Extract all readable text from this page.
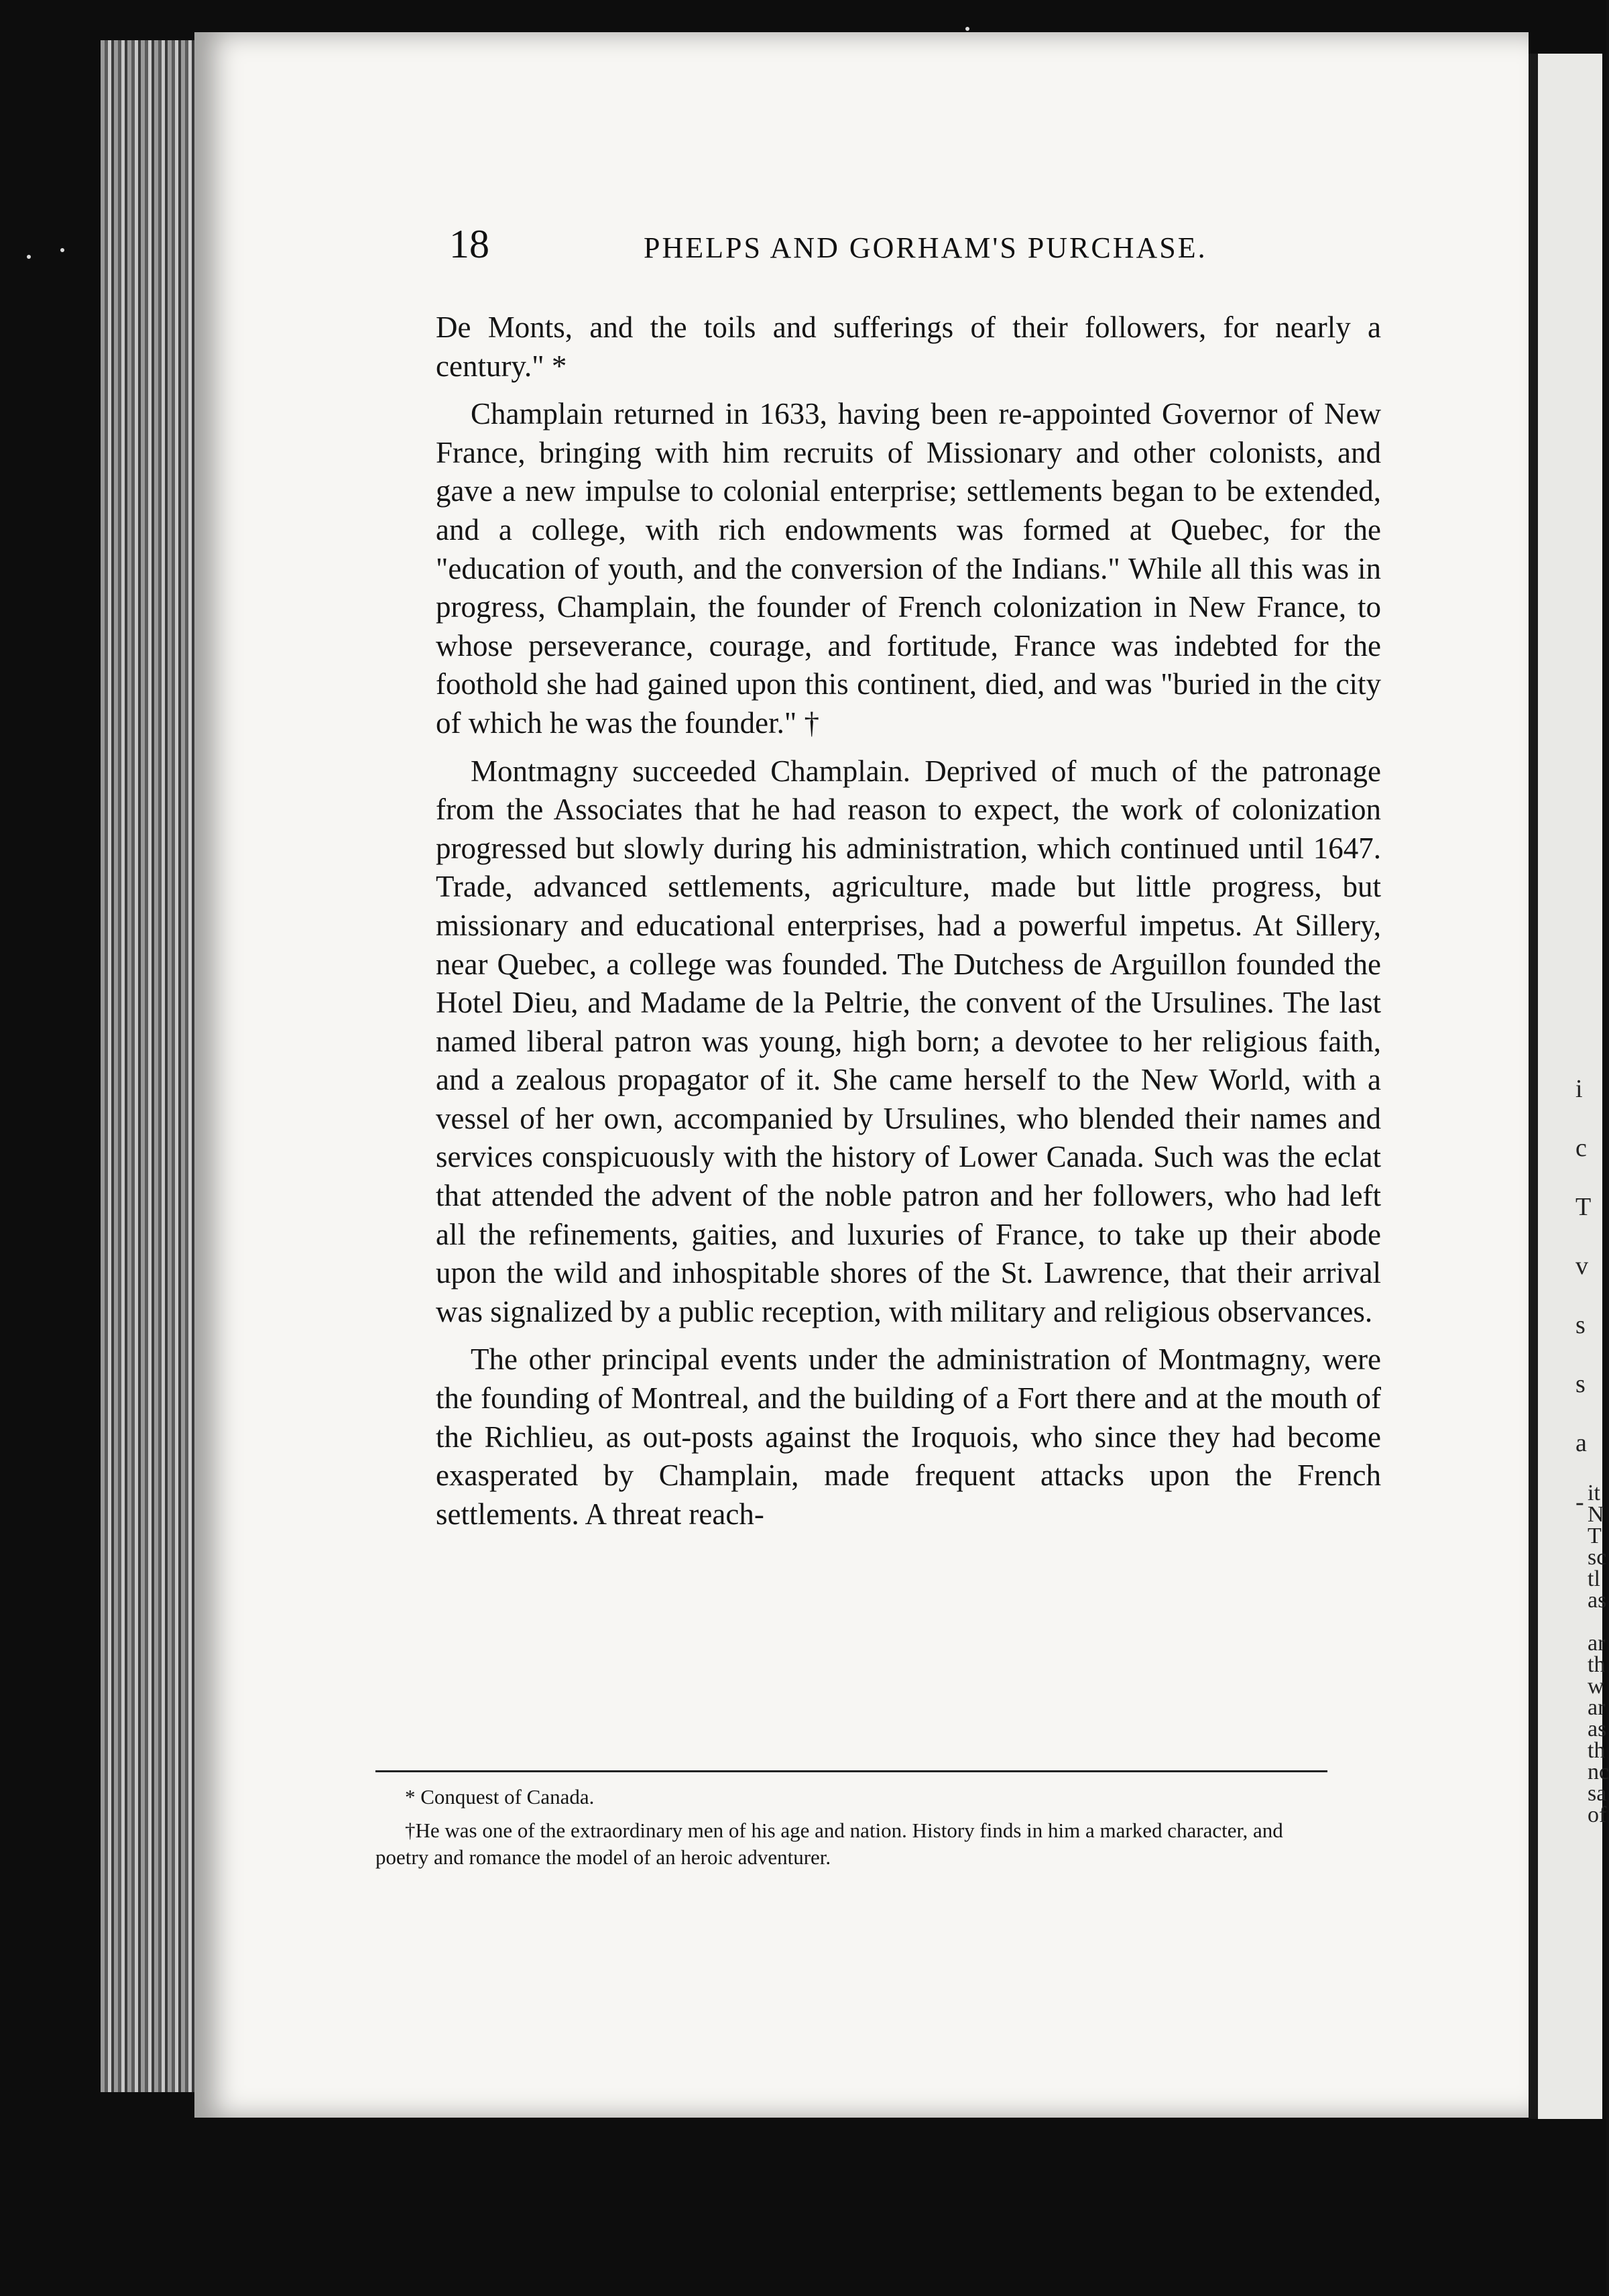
i
c
T
v
s
s
a
- it
N
T
sc
tl
as
ar
th
w
ar
as
th
nc
sa
of
18	PHELPS AND GORHAM'S PURCHASE.

De Monts, and the toils and sufferings of their followers, for nearly a century." *

Champlain returned in 1633, having been re-appointed Governor of New France, bringing with him recruits of Missionary and other colonists, and gave a new impulse to colonial enterprise; settlements began to be extended, and a college, with rich endowments was formed at Quebec, for the "education of youth, and the conversion of the Indians." While all this was in progress, Champlain, the founder of French colonization in New France, to whose perseverance, courage, and fortitude, France was indebted for the foothold she had gained upon this continent, died, and was "buried in the city of which he was the founder." †

Montmagny succeeded Champlain. Deprived of much of the patronage from the Associates that he had reason to expect, the work of colonization progressed but slowly during his administration, which continued until 1647. Trade, advanced settlements, agriculture, made but little progress, but missionary and educational enterprises, had a powerful impetus. At Sillery, near Quebec, a college was founded. The Dutchess de Arguillon founded the Hotel Dieu, and Madame de la Peltrie, the convent of the Ursulines. The last named liberal patron was young, high born; a devotee to her religious faith, and a zealous propagator of it. She came herself to the New World, with a vessel of her own, accompanied by Ursulines, who blended their names and services conspicuously with the history of Lower Canada. Such was the eclat that attended the advent of the noble patron and her followers, who had left all the refinements, gaities, and luxuries of France, to take up their abode upon the wild and inhospitable shores of the St. Lawrence, that their arrival was signalized by a public reception, with military and religious observances.

The other principal events under the administration of Montmagny, were the founding of Montreal, and the building of a Fort there and at the mouth of the Richlieu, as out-posts against the Iroquois, who since they had become exasperated by Champlain, made frequent attacks upon the French settlements. A threat reach-

* Conquest of Canada.

†He was one of the extraordinary men of his age and nation. History finds in him a marked character, and poetry and romance the model of an heroic adventurer.
